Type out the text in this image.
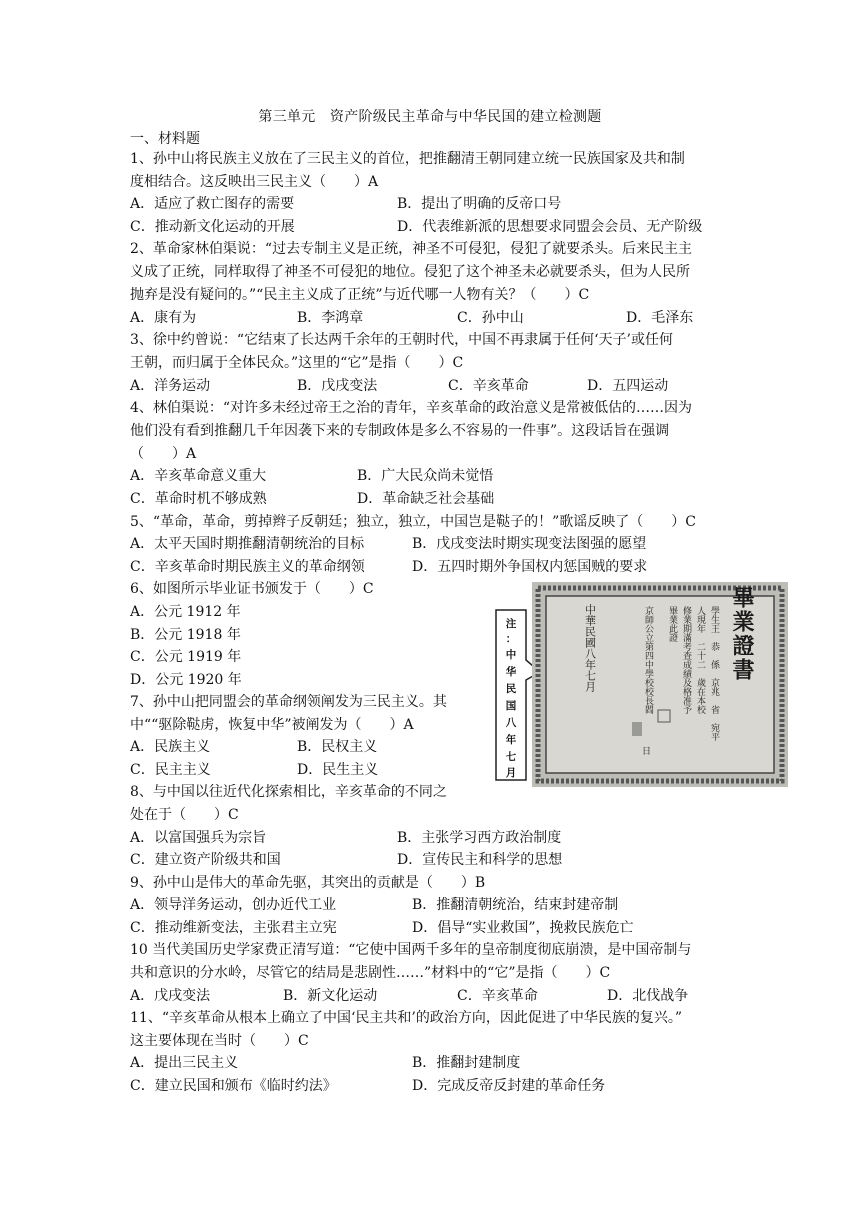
第三单元　资产阶级民主革命与中华民国的建立检测题
一、材料题
1、孙中山将民族主义放在了三民主义的首位，把推翻清王朝同建立统一民族国家及共和制
度相结合。这反映出三民主义（　　）A
A．适应了救亡图存的需要	B．提出了明确的反帝口号
C．推动新文化运动的开展	D．代表维新派的思想要求同盟会会员、无产阶级
2、革命家林伯渠说：“过去专制主义是正统，神圣不可侵犯，侵犯了就要杀头。后来民主主
义成了正统，同样取得了神圣不可侵犯的地位。侵犯了这个神圣未必就要杀头，但为人民所
抛弃是没有疑问的。”“民主主义成了正统”与近代哪一人物有关？（　　）C
A．康有为	B．李鸿章	C．孙中山	D．毛泽东
3、徐中约曾说：“它结束了长达两千余年的王朝时代，中国不再隶属于任何‘天子’或任何
王朝，而归属于全体民众。”这里的“它”是指（　　）C
A．洋务运动	B．戊戌变法	C．辛亥革命	D．五四运动
4、林伯渠说：“对许多未经过帝王之治的青年，辛亥革命的政治意义是常被低估的……因为
他们没有看到推翻几千年因袭下来的专制政体是多么不容易的一件事”。这段话旨在强调
（　　）A
A．辛亥革命意义重大	B．广大民众尚未觉悟
C．革命时机不够成熟	D．革命缺乏社会基础
5、“革命，革命，剪掉辫子反朝廷；独立，独立，中国岂是鞑子的！”歌谣反映了（　　）C
A．太平天国时期推翻清朝统治的目标	B．戊戌变法时期实现变法图强的愿望
C．辛亥革命时期民族主义的革命纲领	D．五四时期外争国权内惩国贼的要求
6、如图所示毕业证书颁发于（　　）C
A．公元 1912 年
B．公元 1918 年
C．公元 1919 年
D．公元 1920 年
7、孙中山把同盟会的革命纲领阐发为三民主义。其
中““驱除鞑虏，恢复中华”被阐发为（　　）A
A．民族主义	B．民权主义
C．民主主义	D．民生主义
8、与中国以往近代化探索相比，辛亥革命的不同之
处在于（　　）C
A．以富国强兵为宗旨	B．主张学习西方政治制度
C．建立资产阶级共和国	D．宣传民主和科学的思想
9、孙中山是伟大的革命先驱，其突出的贡献是（　　）B
A．领导洋务运动，创办近代工业	B．推翻清朝统治，结束封建帝制
C．推动维新变法，主张君主立宪	D．倡导“实业救国”，挽救民族危亡
10 当代美国历史学家费正清写道：“它使中国两千多年的皇帝制度彻底崩溃，是中国帝制与
共和意识的分水岭，尽管它的结局是悲剧性……”材料中的“它”是指（　　）C
A．戊戌变法	B．新文化运动	C．辛亥革命	D．北伐战争
11、“辛亥革命从根本上确立了中国‘民主共和’的政治方向，因此促进了中华民族的复兴。”
这主要体现在当时（　　）C
A．提出三民主义	B．推翻封建制度
C．建立民国和颁布《临时约法》	D．完成反帝反封建的革命任务
注
：
中
华
民
国
八
年
七
月
畢業證書
學生王　恭　係　京兆　省　宛平
人現年　二十二　歲在本校
修業期滿考查成績及格准予
畢業此證
京師公立第四中學校校長閻
中華民國八年七月
日
